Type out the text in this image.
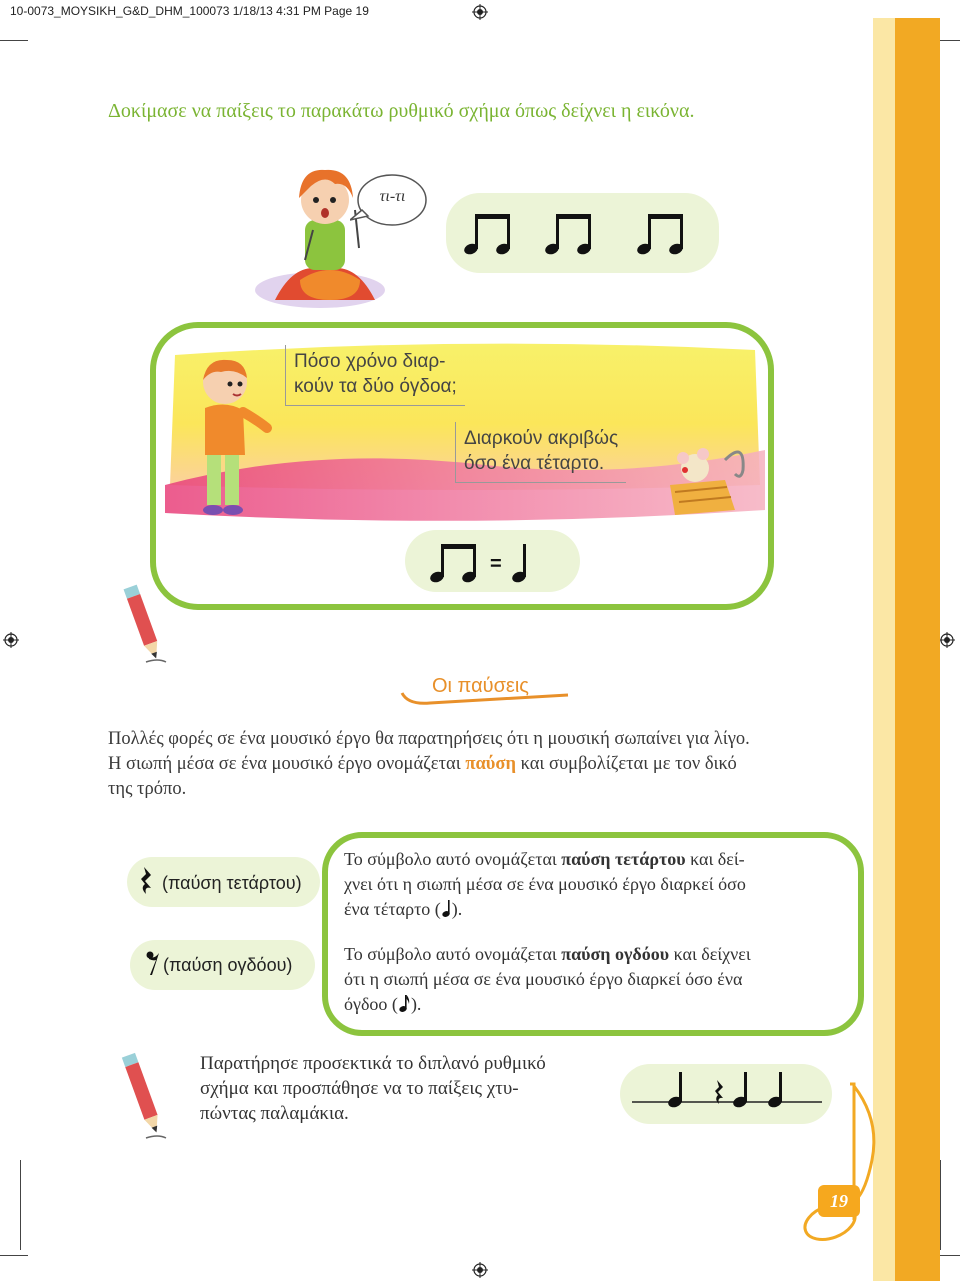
10-0073_MOYSIKH_G&D_DHM_100073 1/18/13 4:31 PM Page 19
Δοκίμασε να παίξεις το παρακάτω ρυθμικό σχήμα όπως δείχνει η εικόνα.
τι-τι
Πόσο χρόνο διαρ-
κούν τα δύο όγδοα;
Διαρκούν ακριβώς
όσο ένα τέταρτο.
=
Οι παύσεις
Πολλές φορές σε ένα μουσικό έργο θα παρατηρήσεις ότι η μουσική σωπαίνει για λίγο.
Η σιωπή μέσα σε ένα μουσικό έργο ονομάζεται παύση και συμβολίζεται με τον δικό
της τρόπο.
(παύση τετάρτου)
(παύση ογδόου)
Το σύμβολο αυτό ονομάζεται παύση τετάρτου και δεί-
χνει ότι η σιωπή μέσα σε ένα μουσικό έργο διαρκεί όσο
ένα τέταρτο ( ).
Το σύμβολο αυτό ονομάζεται παύση ογδόου και δείχνει
ότι η σιωπή μέσα σε ένα μουσικό έργο διαρκεί όσο ένα
όγδοο ( ).
Παρατήρησε προσεκτικά το διπλανό ρυθμικό
σχήμα και προσπάθησε να το παίξεις χτυ-
πώντας παλαμάκια.
19
